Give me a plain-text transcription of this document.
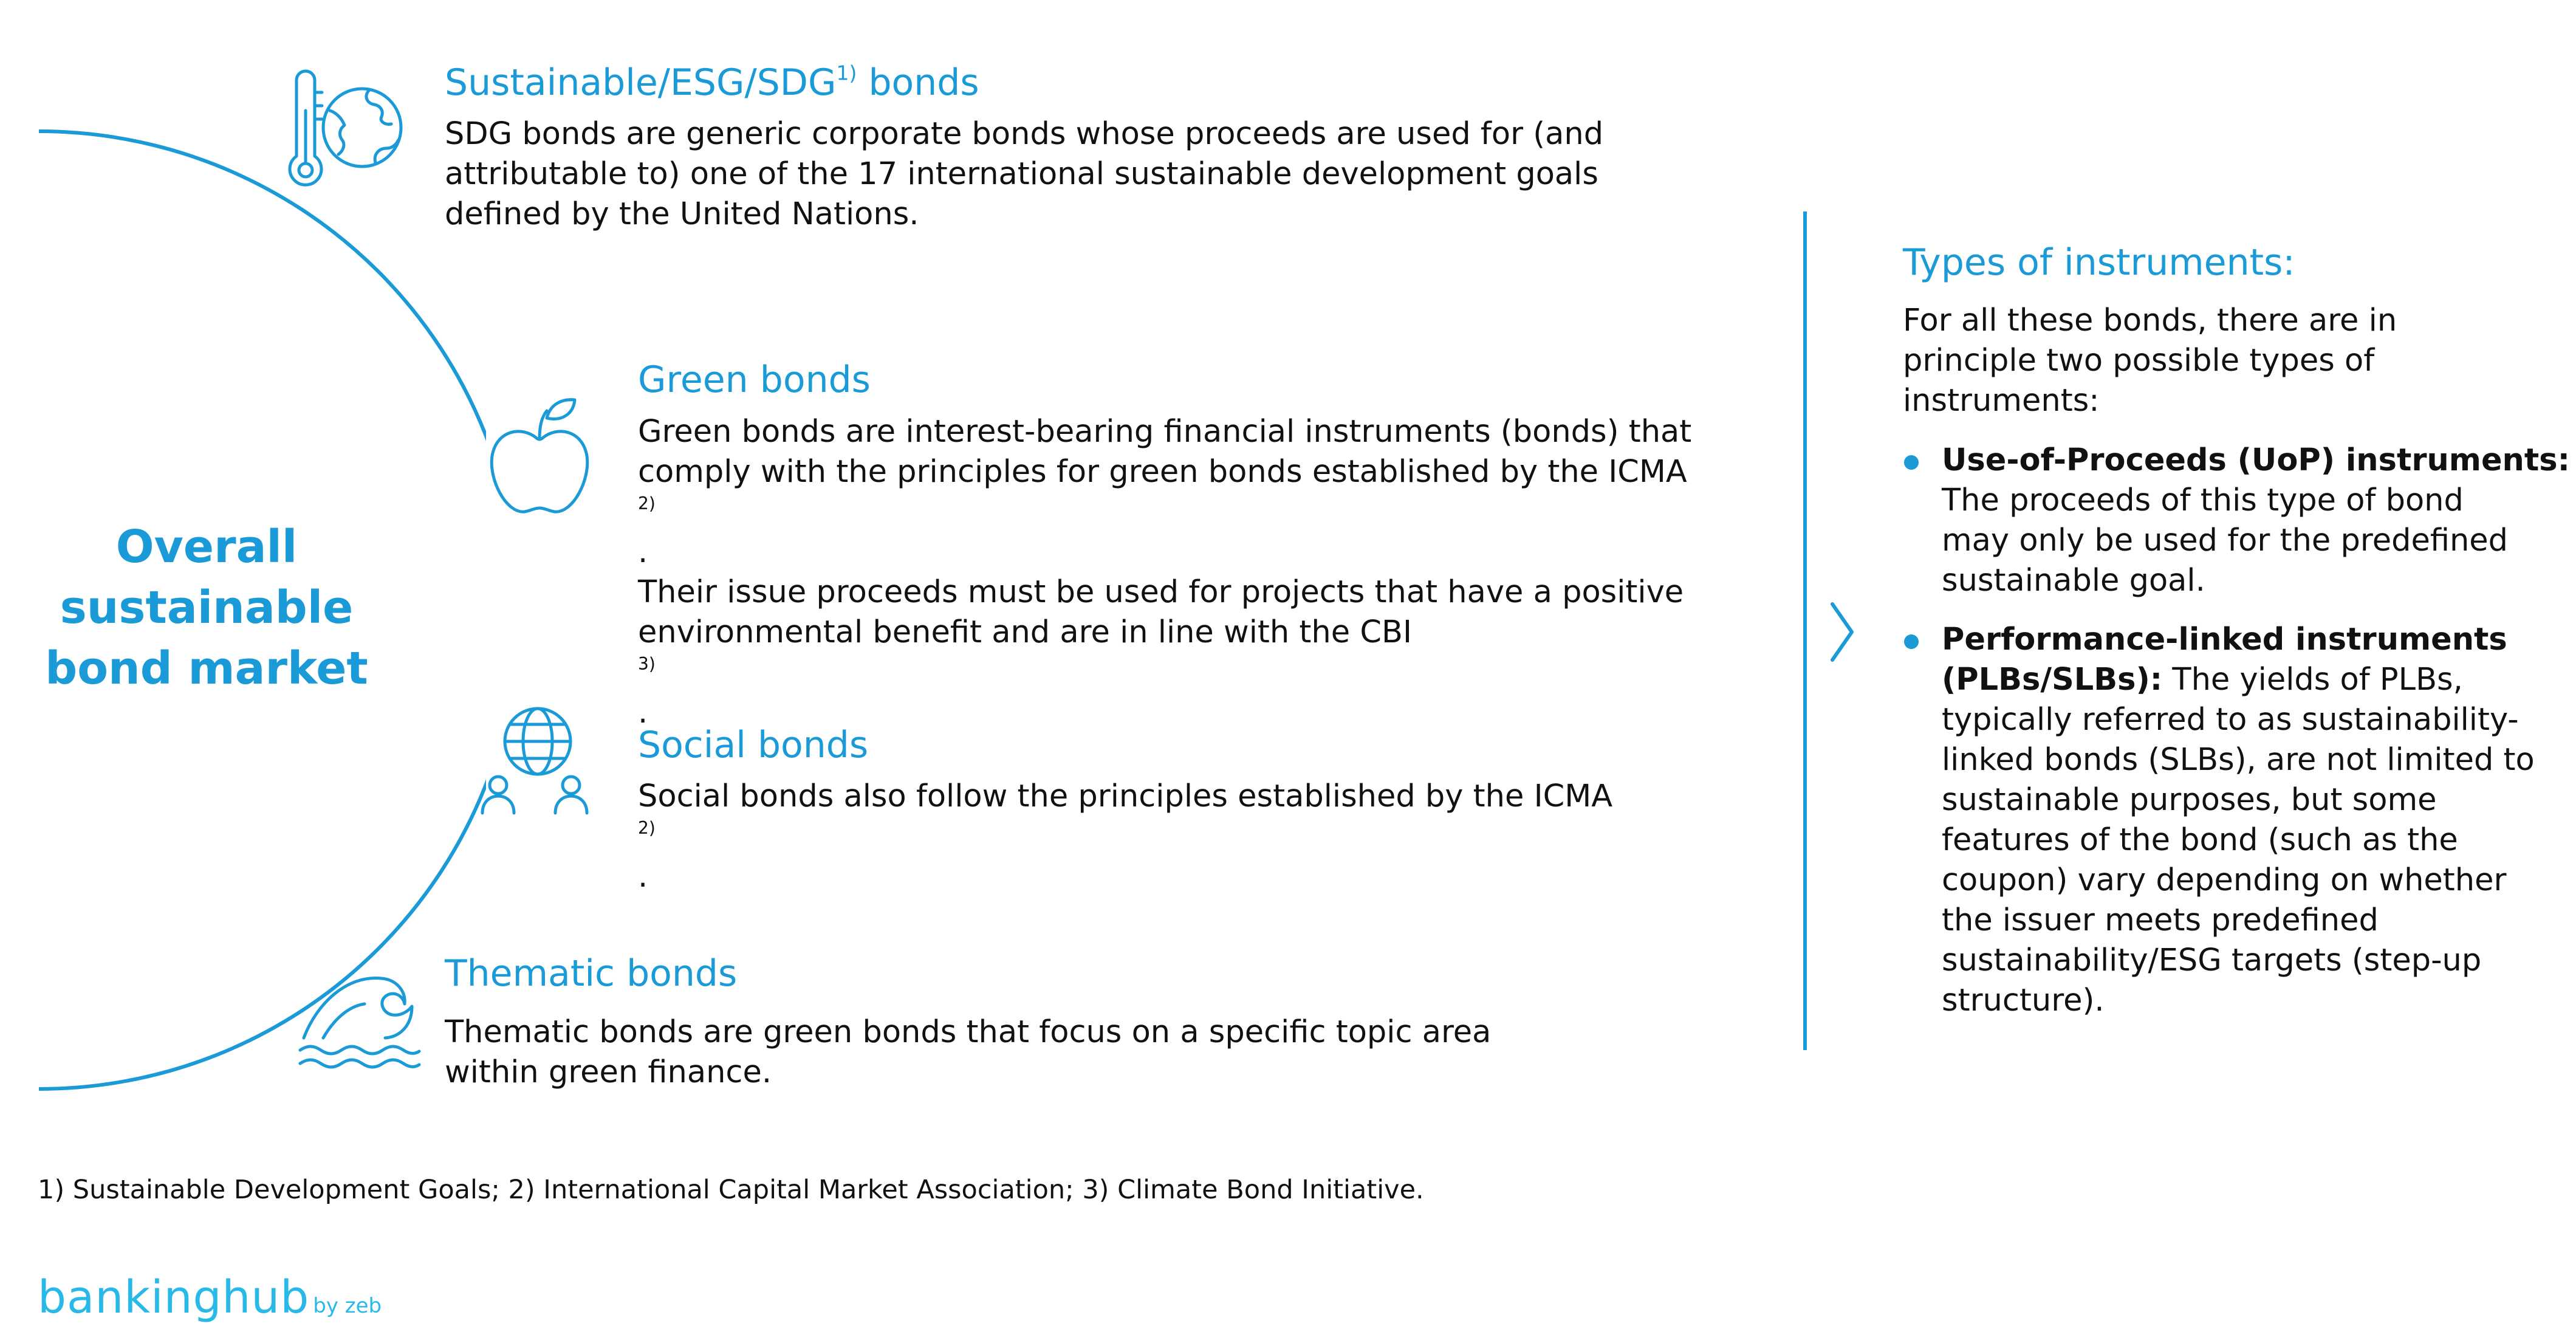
Overall
sustainable
bond market
Sustainable/ESG/SDG$^{1)}$ bonds
SDG bonds are generic corporate bonds whose proceeds are used for (and
attributable to) one of the 17 international sustainable development goals
defined by the United Nations.
Green bonds
Green bonds are interest-bearing financial instruments (bonds) that
comply with the principles for green bonds established by the ICMA
$^{2)}$
.
Their issue proceeds must be used for projects that have a positive
environmental benefit and are in line with the CBI
$^{3)}$
.
Social bonds
Social bonds also follow the principles established by the ICMA
$^{2)}$
.
Thematic bonds
Thematic bonds are green bonds that focus on a specific topic area
within green finance.
Types of instruments:
For all these bonds, there are in
principle two possible types of
instruments:
Use-of-Proceeds (UoP) instruments:
The proceeds of this type of bond
may only be used for the predefined
sustainable goal.
Performance-linked instruments
(PLBs/SLBs): The yields of PLBs,
typically referred to as sustainability-
linked bonds (SLBs), are not limited to
sustainable purposes, but some
features of the bond (such as the
coupon) vary depending on whether
the issuer meets predefined
sustainability/ESG targets (step-up
structure).
1) Sustainable Development Goals; 2) International Capital Market Association; 3) Climate Bond Initiative.
bankinghub by zeb
